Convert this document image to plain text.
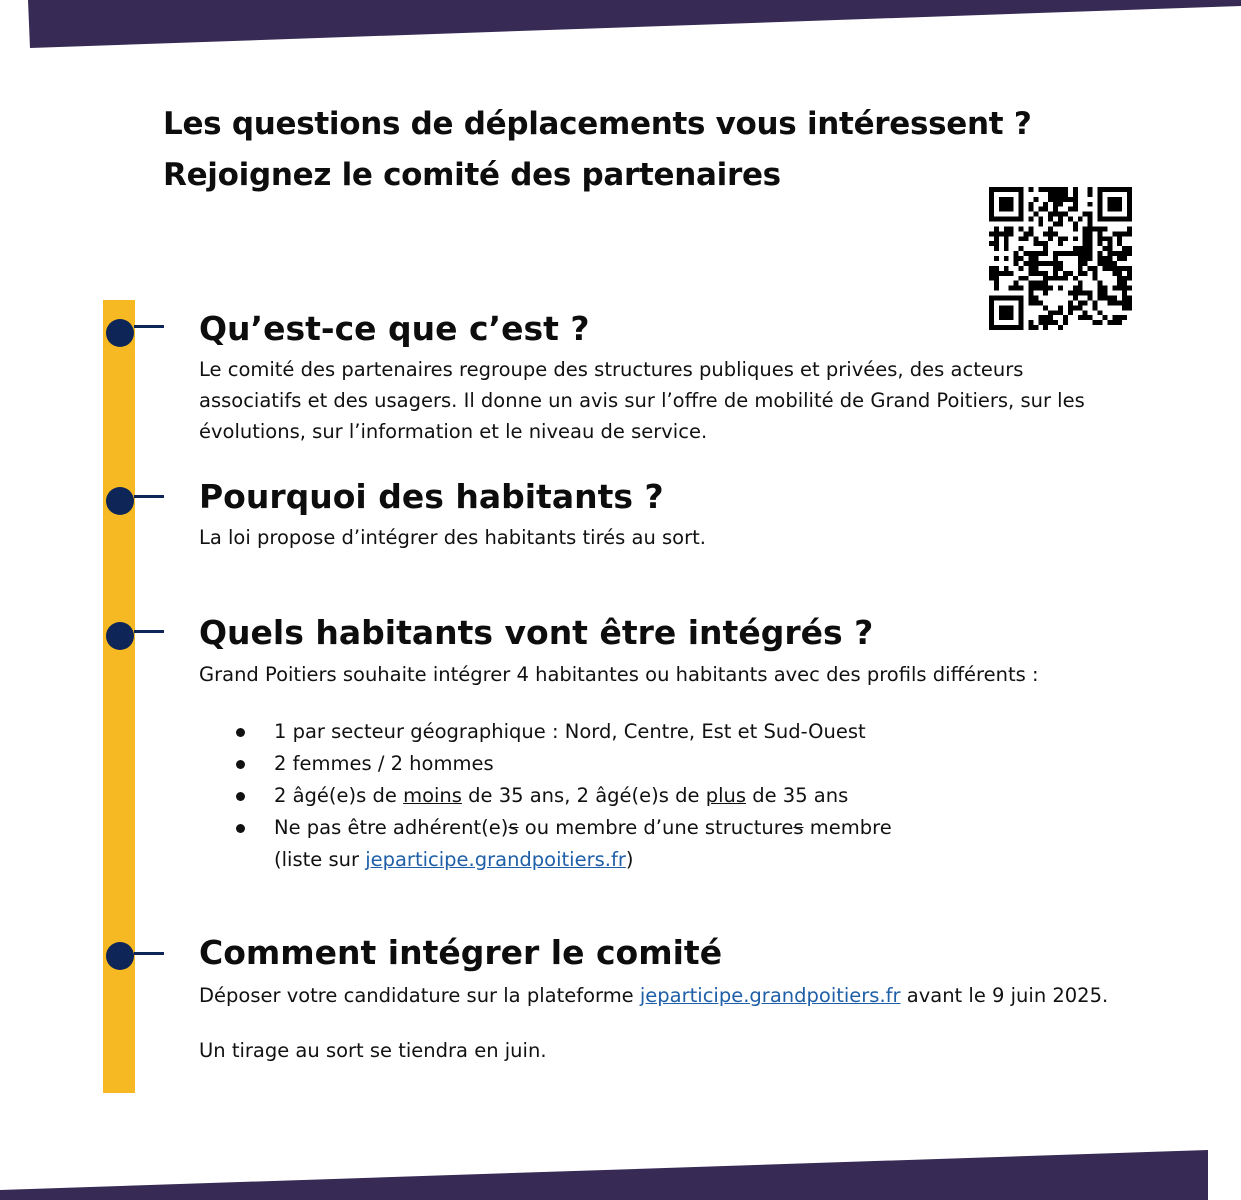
Les questions de déplacements vous intéressent ?
Rejoignez le comité des partenaires
Qu’est-ce que c’est ?
Le comité des partenaires regroupe des structures publiques et privées, des acteurs
associatifs et des usagers. Il donne un avis sur l’offre de mobilité de Grand Poitiers, sur les
évolutions, sur l’information et le niveau de service.
Pourquoi des habitants ?
La loi propose d’intégrer des habitants tirés au sort.
Quels habitants vont être intégrés ?
Grand Poitiers souhaite intégrer 4 habitantes ou habitants avec des profils différents :
1 par secteur géographique : Nord, Centre, Est et Sud-Ouest
2 femmes / 2 hommes
2 âgé(e)s de moins de 35 ans, 2 âgé(e)s de plus de 35 ans
Ne pas être adhérent(e)s ou membre d’une structures membre
(liste sur jeparticipe.grandpoitiers.fr)
Comment intégrer le comité
Déposer votre candidature sur la plateforme jeparticipe.grandpoitiers.fr avant le 9 juin 2025.
Un tirage au sort se tiendra en juin.
